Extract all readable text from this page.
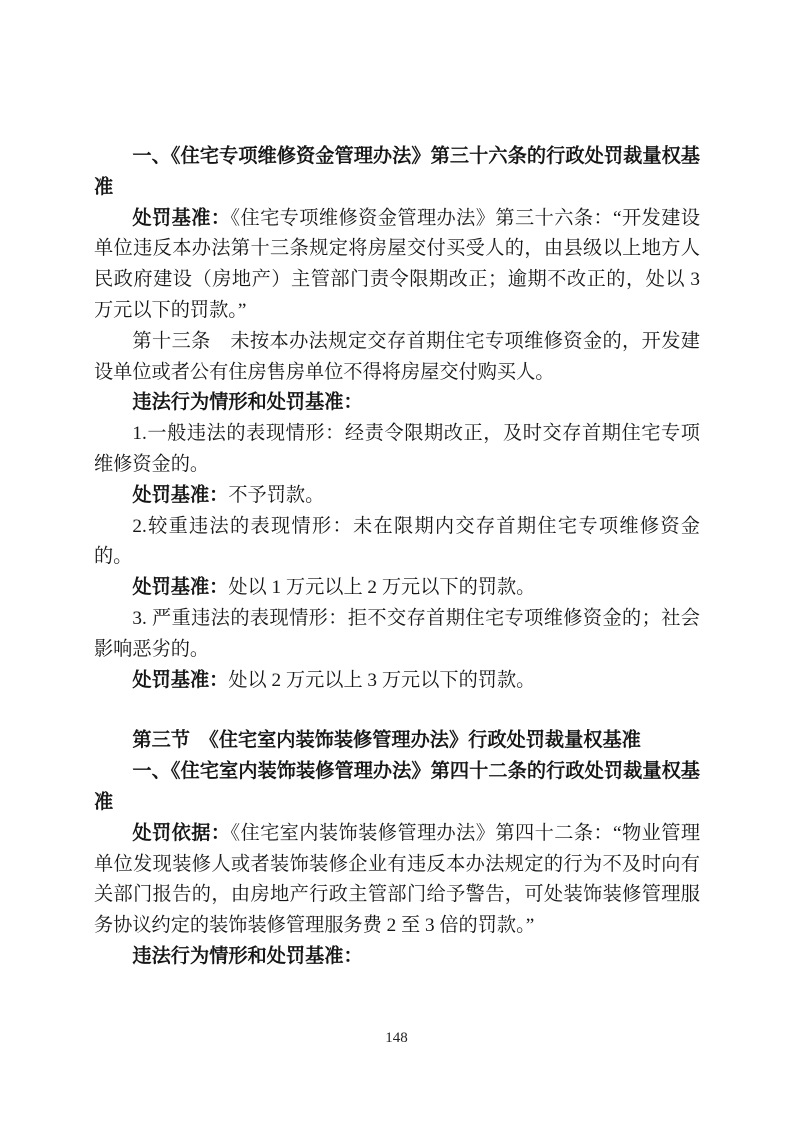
一、《住宅专项维修资金管理办法》第三十六条的行政处罚裁量权基准

处罚基准：《住宅专项维修资金管理办法》第三十六条：“开发建设单位违反本办法第十三条规定将房屋交付买受人的，由县级以上地方人民政府建设（房地产）主管部门责令限期改正；逾期不改正的，处以 3 万元以下的罚款。”

第十三条　未按本办法规定交存首期住宅专项维修资金的，开发建设单位或者公有住房售房单位不得将房屋交付购买人。

违法行为情形和处罚基准：

1.一般违法的表现情形：经责令限期改正，及时交存首期住宅专项维修资金的。

处罚基准：不予罚款。

2.较重违法的表现情形：未在限期内交存首期住宅专项维修资金的。

处罚基准：处以 1 万元以上 2 万元以下的罚款。

3. 严重违法的表现情形：拒不交存首期住宅专项维修资金的；社会影响恶劣的。

处罚基准：处以 2 万元以上 3 万元以下的罚款。

第三节　《住宅室内装饰装修管理办法》行政处罚裁量权基准

一、《住宅室内装饰装修管理办法》第四十二条的行政处罚裁量权基准

处罚依据：《住宅室内装饰装修管理办法》第四十二条：“物业管理单位发现装修人或者装饰装修企业有违反本办法规定的行为不及时向有关部门报告的，由房地产行政主管部门给予警告，可处装饰装修管理服务协议约定的装饰装修管理服务费 2 至 3 倍的罚款。”

违法行为情形和处罚基准：

148
